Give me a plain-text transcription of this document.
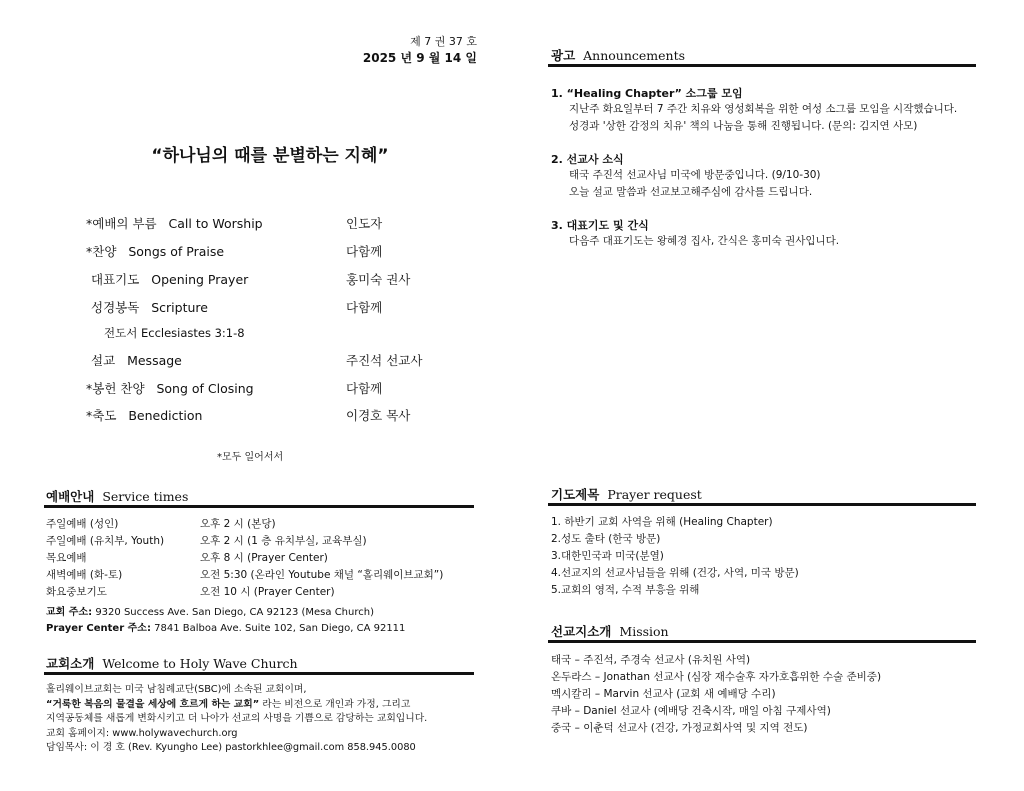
제 7 권 37 호
2025 년 9 월 14 일
“하나님의 때를 분별하는 지혜”
*예배의 부름 Call to Worship	인도자
*찬양 Songs of Praise	다함께
대표기도 Opening Prayer	홍미숙 권사
성경봉독 Scripture	다함께
전도서 Ecclesiastes 3:1-8
설교 Message	주진석 선교사
*봉헌 찬양 Song of Closing	다함께
*축도 Benediction	이경호 목사
*모두 일어서서
예배안내 Service times
주일예배 (성인)	오후 2 시 (본당)
주일예배 (유치부, Youth)	오후 2 시 (1 층 유치부실, 교육부실)
목요예배	오후 8 시 (Prayer Center)
새벽예배 (화-토)	오전 5:30 (온라인 Youtube 채널 “홀리웨이브교회”)
화요중보기도	오전 10 시 (Prayer Center)
교회 주소: 9320 Success Ave. San Diego, CA 92123 (Mesa Church)
Prayer Center 주소: 7841 Balboa Ave. Suite 102, San Diego, CA 92111
교회소개 Welcome to Holy Wave Church
홀리웨이브교회는 미국 남침례교단(SBC)에 소속된 교회이며,
“거룩한 복음의 물결을 세상에 흐르게 하는 교회” 라는 비전으로 개인과 가정, 그리고
지역공동체를 새롭게 변화시키고 더 나아가 선교의 사명을 기쁨으로 감당하는 교회입니다.
교회 홈페이지: www.holywavechurch.org
담임목사: 이 경 호 (Rev. Kyungho Lee) pastorkhlee@gmail.com 858.945.0080
광고 Announcements
1. “Healing Chapter” 소그룹 모임
지난주 화요일부터 7 주간 치유와 영성회복을 위한 여성 소그룹 모임을 시작했습니다.
성경과 '상한 감정의 치유' 책의 나눔을 통해 진행됩니다. (문의: 김지연 사모)
2. 선교사 소식
태국 주진석 선교사님 미국에 방문중입니다. (9/10-30)
오늘 설교 말씀과 선교보고해주심에 감사를 드립니다.
3. 대표기도 및 간식
다음주 대표기도는 왕혜경 집사, 간식은 홍미숙 권사입니다.
기도제목 Prayer request
1. 하반기 교회 사역을 위해 (Healing Chapter)
2.성도 출타 (한국 방문)
3.대한민국과 미국(분열)
4.선교지의 선교사님들을 위해 (건강, 사역, 미국 방문)
5.교회의 영적, 수적 부흥을 위해
선교지소개 Mission
태국 – 주진석, 주경숙 선교사 (유치원 사역)
온두라스 – Jonathan 선교사 (심장 재수술후 자가호흡위한 수술 준비중)
멕시칼리 – Marvin 선교사 (교회 새 예배당 수리)
쿠바 – Daniel 선교사 (예배당 건축시작, 매일 아침 구제사역)
중국 – 이춘덕 선교사 (건강, 가정교회사역 및 지역 전도)
